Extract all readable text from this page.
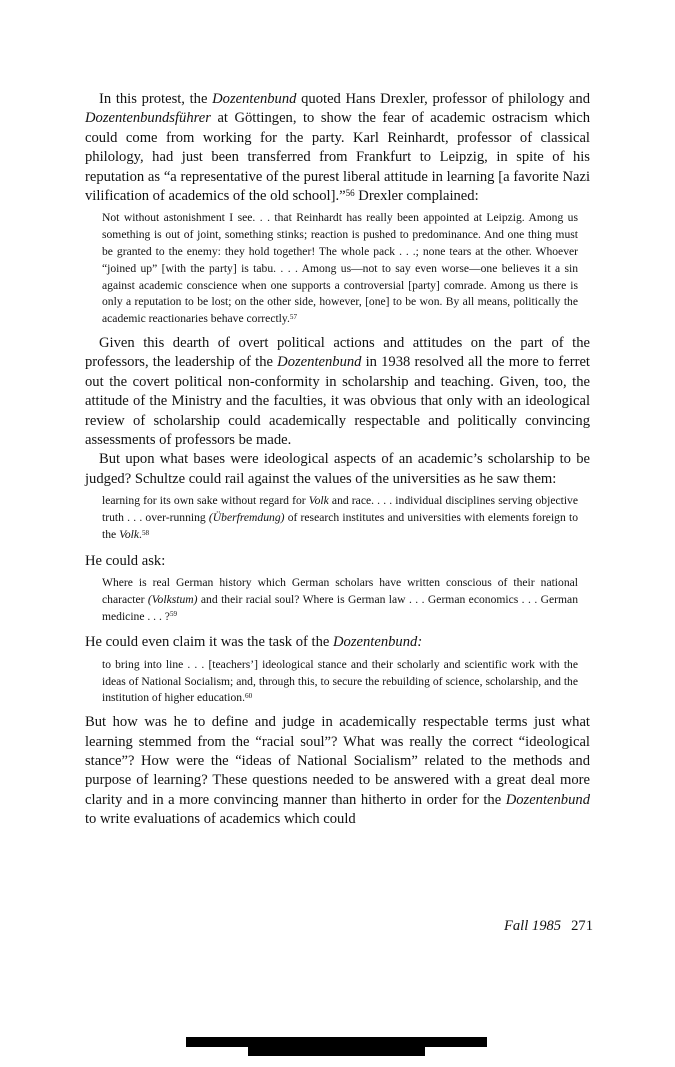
In this protest, the Dozentenbund quoted Hans Drexler, professor of philology and Dozentenbundsführer at Göttingen, to show the fear of academic ostracism which could come from working for the party. Karl Reinhardt, professor of classical philology, had just been transferred from Frankfurt to Leipzig, in spite of his reputation as “a representative of the purest liberal attitude in learning [a favorite Nazi vilification of academics of the old school].”$^{56}$ Drexler complained:

Not without astonishment I see. . . that Reinhardt has really been appointed at Leipzig. Among us something is out of joint, something stinks; reaction is pushed to predominance. And one thing must be granted to the enemy: they hold together! The whole pack . . .; none tears at the other. Whoever “joined up” [with the party] is tabu. . . . Among us—not to say even worse—one believes it a sin against academic conscience when one supports a controversial [party] comrade. Among us there is only a reputation to be lost; on the other side, however, [one] to be won. By all means, politically the academic reactionaries behave correctly.$^{57}$

Given this dearth of overt political actions and attitudes on the part of the professors, the leadership of the Dozentenbund in 1938 resolved all the more to ferret out the covert political non-conformity in scholarship and teaching. Given, too, the attitude of the Ministry and the faculties, it was obvious that only with an ideological review of scholarship could academically respectable and politically convincing assessments of professors be made.

But upon what bases were ideological aspects of an academic’s scholarship to be judged? Schultze could rail against the values of the universities as he saw them:

learning for its own sake without regard for Volk and race. . . . individual disciplines serving objective truth . . . over-running (Überfremdung) of research institutes and universities with elements foreign to the Volk.$^{58}$

He could ask:

Where is real German history which German scholars have written conscious of their national character (Volkstum) and their racial soul? Where is German law . . . German economics . . . German medicine . . . ?$^{59}$

He could even claim it was the task of the Dozentenbund:

to bring into line . . . [teachers’] ideological stance and their scholarly and scientific work with the ideas of National Socialism; and, through this, to secure the rebuilding of science, scholarship, and the institution of higher education.$^{60}$

But how was he to define and judge in academically respectable terms just what learning stemmed from the “racial soul”? What was really the correct “ideological stance”? How were the “ideas of National Socialism” related to the methods and purpose of learning? These questions needed to be answered with a great deal more clarity and in a more convincing manner than hitherto in order for the Dozentenbund to write evaluations of academics which could

Fall 1985 271
